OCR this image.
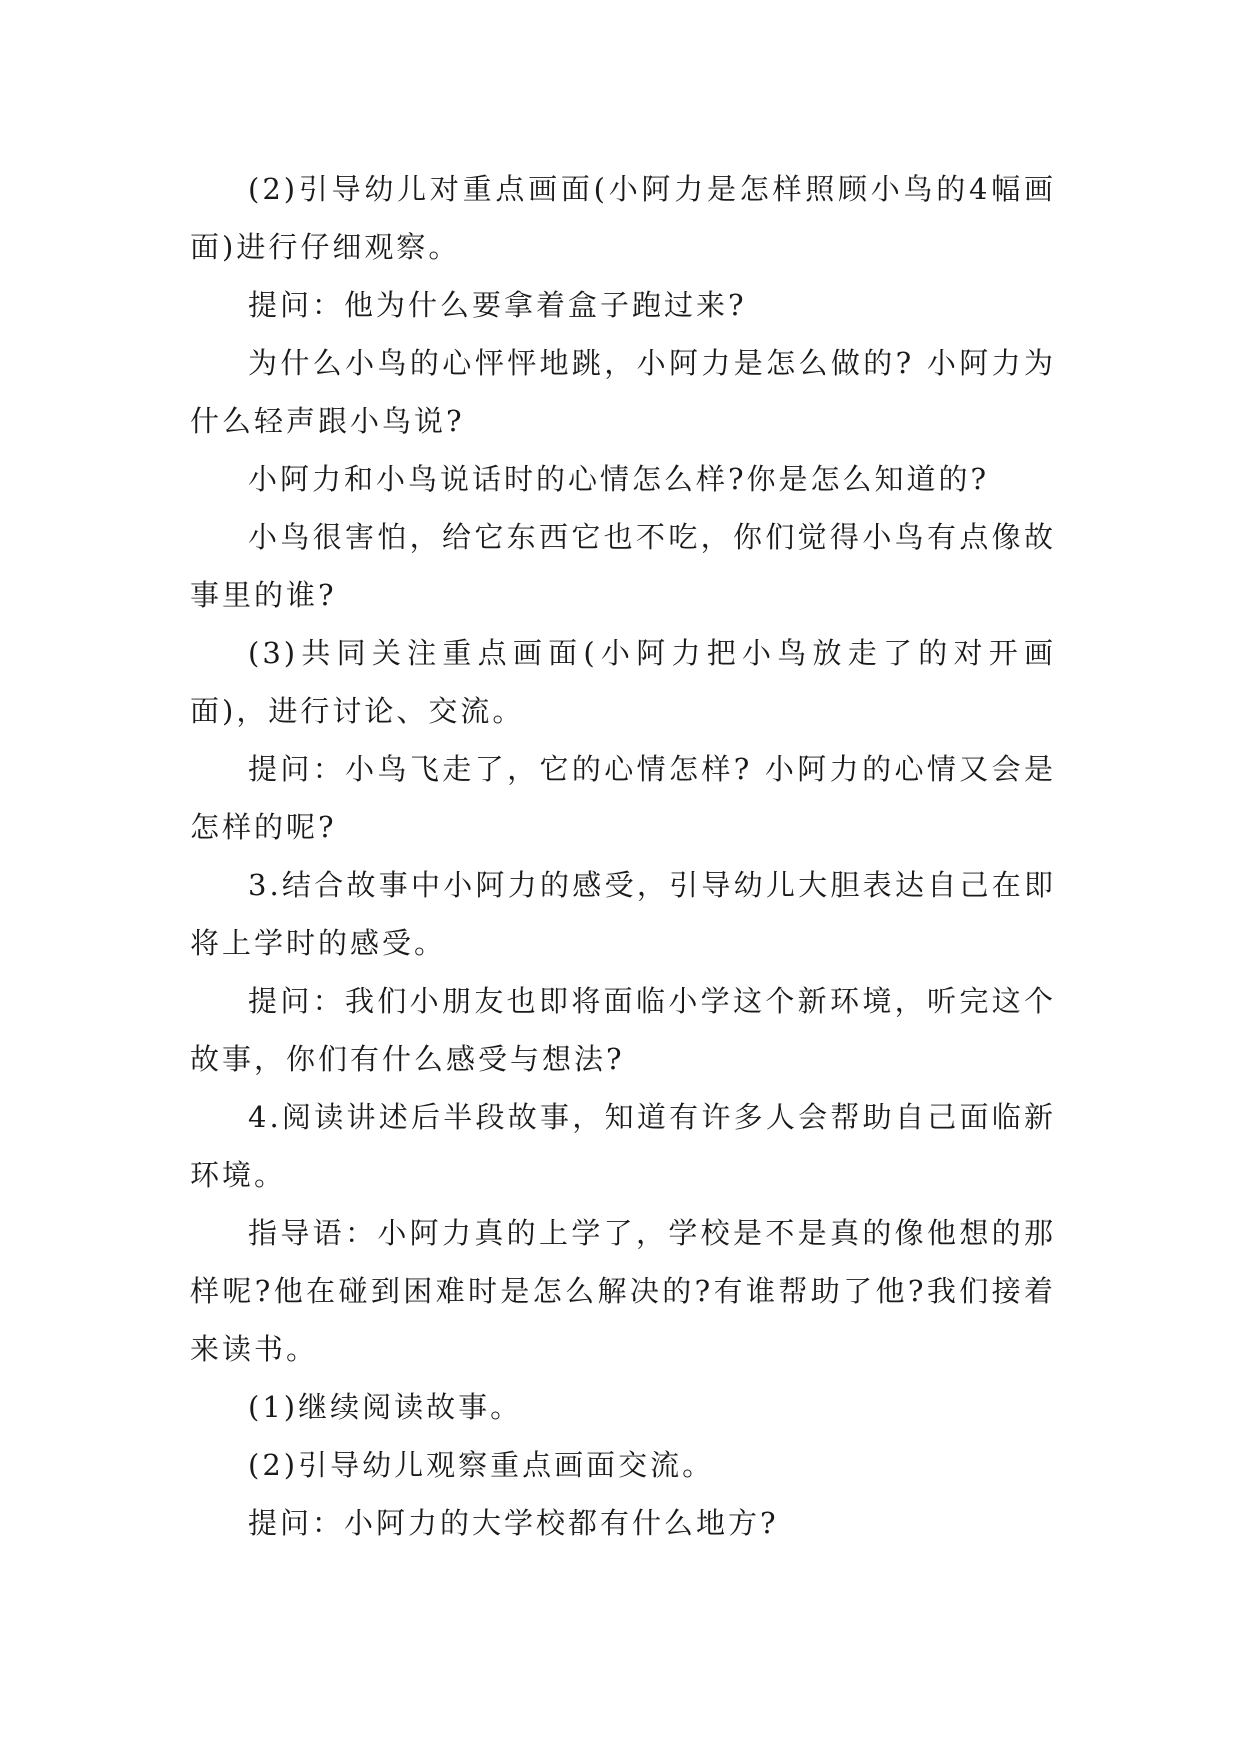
(2)引导幼儿对重点画面(小阿力是怎样照顾小鸟的4幅画面)进行仔细观察。

提问：他为什么要拿着盒子跑过来?

为什么小鸟的心怦怦地跳，小阿力是怎么做的? 小阿力为什么轻声跟小鸟说?

小阿力和小鸟说话时的心情怎么样?你是怎么知道的?

小鸟很害怕，给它东西它也不吃，你们觉得小鸟有点像故事里的谁?

(3)共同关注重点画面(小阿力把小鸟放走了的对开画面)，进行讨论、交流。

提问：小鸟飞走了，它的心情怎样? 小阿力的心情又会是怎样的呢?

3.结合故事中小阿力的感受，引导幼儿大胆表达自己在即将上学时的感受。

提问：我们小朋友也即将面临小学这个新环境，听完这个故事，你们有什么感受与想法?

4.阅读讲述后半段故事，知道有许多人会帮助自己面临新环境。

指导语：小阿力真的上学了，学校是不是真的像他想的那样呢?他在碰到困难时是怎么解决的?有谁帮助了他?我们接着来读书。

(1)继续阅读故事。

(2)引导幼儿观察重点画面交流。

提问：小阿力的大学校都有什么地方?
